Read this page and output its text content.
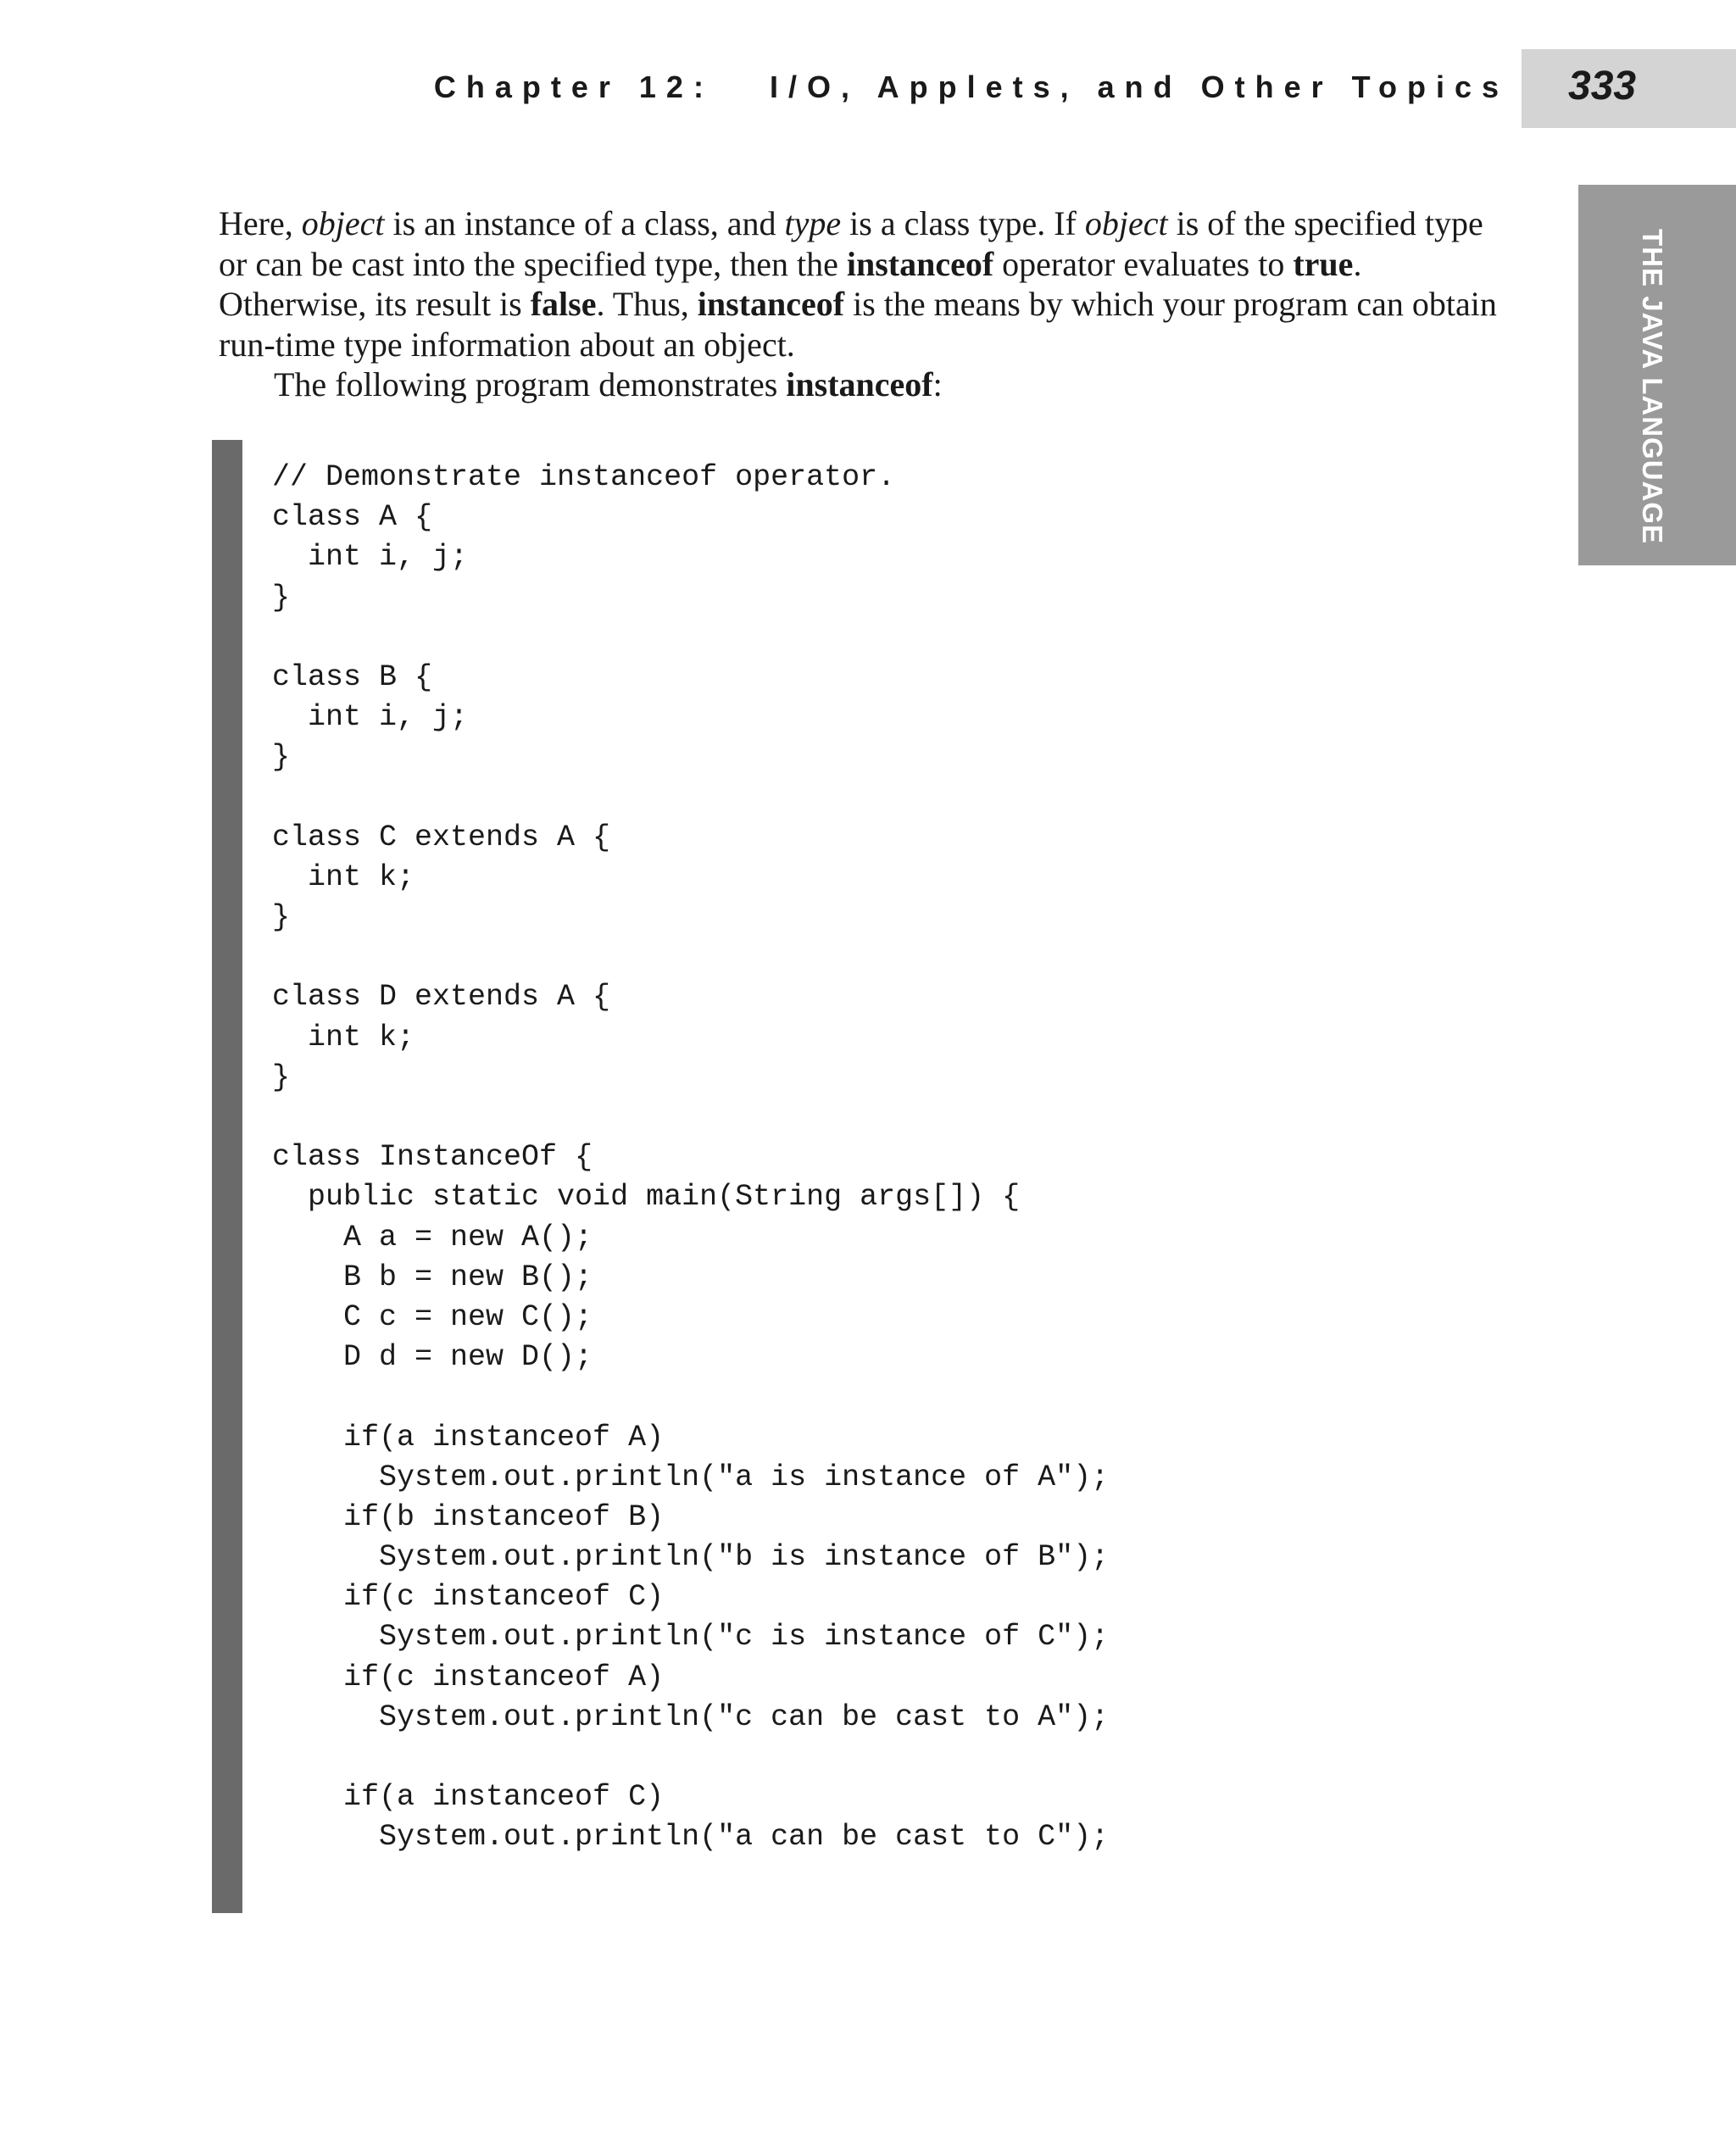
Chapter 12:   I/O, Applets, and Other Topics 333
THE JAVA LANGUAGE

Here, object is an instance of a class, and type is a class type. If object is of the specified type or can be cast into the specified type, then the instanceof operator evaluates to true. Otherwise, its result is false. Thus, instanceof is the means by which your program can obtain run-time type information about an object.

The following program demonstrates instanceof:

// Demonstrate instanceof operator.
class A {
int i, j;
}
class B {
int i, j;
}
class C extends A {
int k;
}
class D extends A {
int k;
}
class InstanceOf {
public static void main(String args[]) {
A a = new A();
B b = new B();
C c = new C();
D d = new D();
if(a instanceof A)
System.out.println("a is instance of A");
if(b instanceof B)
System.out.println("b is instance of B");
if(c instanceof C)
System.out.println("c is instance of C");
if(c instanceof A)
System.out.println("c can be cast to A");
if(a instanceof C)
System.out.println("a can be cast to C");
